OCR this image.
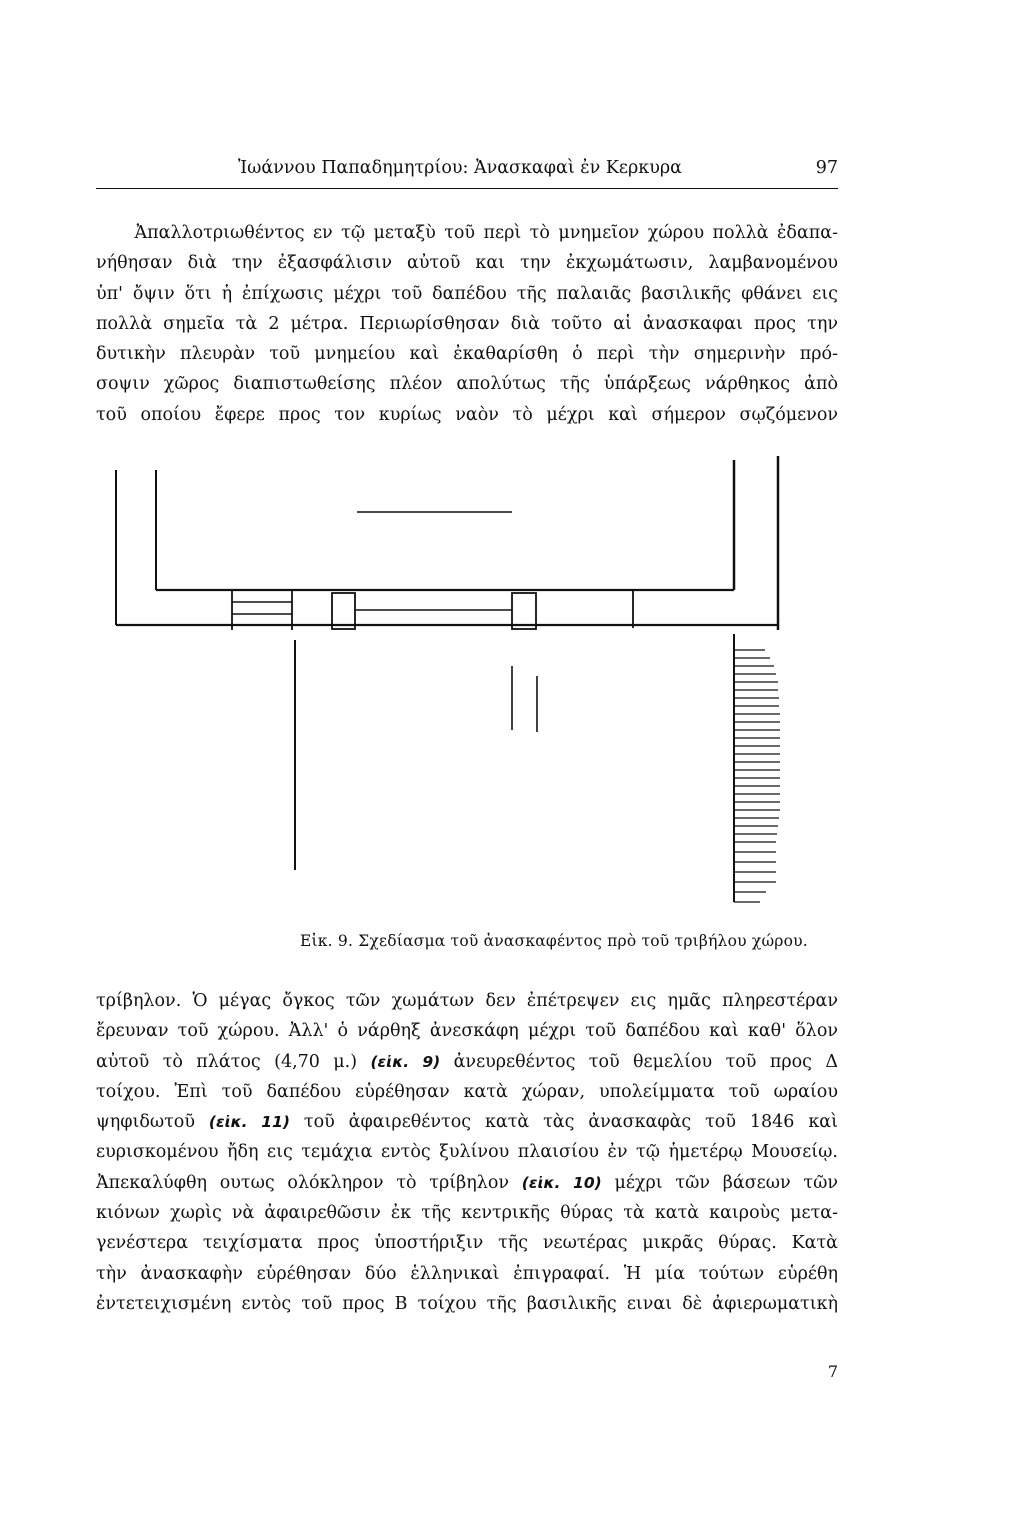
Ἰωάννου Παπαδημητρίου: Ἀνασκαφαὶ ἐν Κερκυρα	97

Ἀπαλλοτριωθέντος εν τῷ μεταξὺ τοῦ περὶ τὸ μνημεῖον χώρου πολλὰ ἐδαπα-
νήθησαν διὰ την ἐξασφάλισιν αὐτοῦ και την ἐκχωμάτωσιν, λαμβανομένου
ὑπ' ὄψιν ὅτι ἡ ἐπίχωσις μέχρι τοῦ δαπέδου τῆς παλαιᾶς βασιλικῆς φθάνει εις
πολλὰ σημεῖα τὰ 2 μέτρα. Περιωρίσθησαν διὰ τοῦτο αἱ ἀνασκαφαι προς την
δυτικὴν πλευρὰν τοῦ μνημείου καὶ ἐκαθαρίσθη ὁ περὶ τὴν σημερινὴν πρό-
σοψιν χῶρος διαπιστωθείσης πλέον απολύτως τῆς ὑπάρξεως νάρθηκος ἀπὸ
τοῦ οποίου ἔφερε προς τον κυρίως ναὸν τὸ μέχρι καὶ σήμερον σῳζόμενον

Εἰκ. 9. Σχεδίασμα τοῦ ἀνασκαφέντος πρὸ τοῦ τριβήλου χώρου.

τρίβηλον. Ὁ μέγας ὄγκος τῶν χωμάτων δεν ἐπέτρεψεν εις ημᾶς πληρεστέραν
ἔρευναν τοῦ χώρου. Ἀλλ' ὁ νάρθηξ ἀνεσκάφη μέχρι τοῦ δαπέδου καὶ καθ' ὅλον
αὐτοῦ τὸ πλάτος (4,70 μ.) (εἰκ. 9) ἀνευρεθέντος τοῦ θεμελίου τοῦ προς Δ
τοίχου. Ἐπὶ τοῦ δαπέδου εὑρέθησαν κατὰ χώραν, υπολείμματα τοῦ ωραίου
ψηφιδωτοῦ (εἰκ. 11) τοῦ ἀφαιρεθέντος κατὰ τὰς ἀνασκαφὰς τοῦ 1846 καὶ
ευρισκομένου ἤδη εις τεμάχια εντὸς ξυλίνου πλαισίου ἐν τῷ ἡμετέρῳ Μουσείῳ.
Ἀπεκαλύφθη ουτως ολόκληρον τὸ τρίβηλον (εἰκ. 10) μέχρι τῶν βάσεων τῶν
κιόνων χωρὶς νὰ ἀφαιρεθῶσιν ἐκ τῆς κεντρικῆς θύρας τὰ κατὰ καιροὺς μετα-
γενέστερα τειχίσματα προς ὑποστήριξιν τῆς νεωτέρας μικρᾶς θύρας. Κατὰ
τὴν ἀνασκαφὴν εὑρέθησαν δύο ἑλληνικαὶ ἐπιγραφαί. Ἡ μία τούτων εὑρέθη
ἐντετειχισμένη εντὸς τοῦ προς Β τοίχου τῆς βασιλικῆς ειναι δὲ ἀφιερωματικὴ

7
